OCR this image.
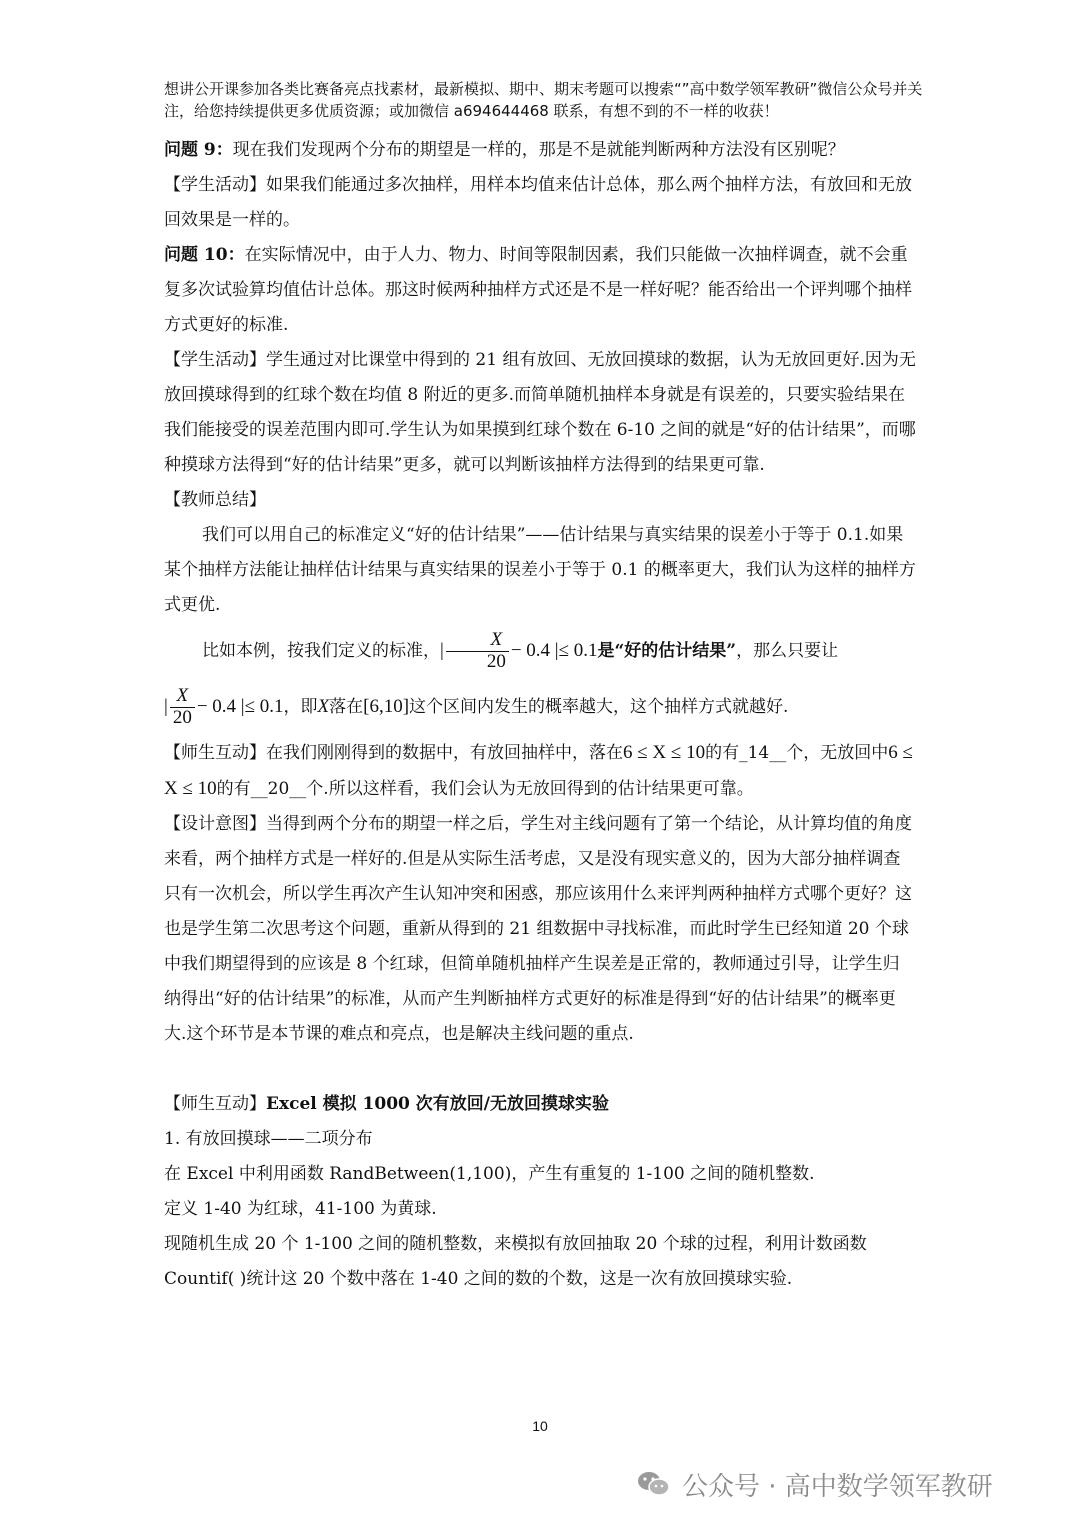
想讲公开课参加各类比赛备亮点找素材，最新模拟、期中、期末考题可以搜索“”高中数学领军教研”微信公众号并关注，给您持续提供更多优质资源；或加微信 a694644468 联系，有想不到的不一样的收获！

问题 9：现在我们发现两个分布的期望是一样的，那是不是就能判断两种方法没有区别呢？

【学生活动】如果我们能通过多次抽样，用样本均值来估计总体，那么两个抽样方法，有放回和无放回效果是一样的。

问题 10：在实际情况中，由于人力、物力、时间等限制因素，我们只能做一次抽样调查，就不会重复多次试验算均值估计总体。那这时候两种抽样方式还是不是一样好呢？能否给出一个评判哪个抽样方式更好的标准.

【学生活动】学生通过对比课堂中得到的 21 组有放回、无放回摸球的数据，认为无放回更好.因为无放回摸球得到的红球个数在均值 8 附近的更多.而简单随机抽样本身就是有误差的，只要实验结果在我们能接受的误差范围内即可.学生认为如果摸到红球个数在 6-10 之间的就是“好的估计结果”，而哪种摸球方法得到“好的估计结果”更多，就可以判断该抽样方法得到的结果更可靠.

【教师总结】

我们可以用自己的标准定义“好的估计结果”——估计结果与真实结果的误差小于等于 0.1.如果某个抽样方法能让抽样估计结果与真实结果的误差小于等于 0.1 的概率更大，我们认为这样的抽样方式更优.

比如本例，按我们定义的标准，| $\frac{X}{20} - 0.4$ |≤ 0.1是“好的估计结果”，那么只要让

| $\frac{X}{20} - 0.4$ |≤ 0.1，即X落在[6,10]这个区间内发生的概率越大，这个抽样方式就越好.

【师生互动】在我们刚刚得到的数据中，有放回抽样中，落在6 ≤ X ≤ 10的有_14__个，无放回中6 ≤ X ≤ 10的有__20__个.所以这样看，我们会认为无放回得到的估计结果更可靠。

【设计意图】当得到两个分布的期望一样之后，学生对主线问题有了第一个结论，从计算均值的角度来看，两个抽样方式是一样好的.但是从实际生活考虑，又是没有现实意义的，因为大部分抽样调查只有一次机会，所以学生再次产生认知冲突和困惑，那应该用什么来评判两种抽样方式哪个更好？这也是学生第二次思考这个问题，重新从得到的 21 组数据中寻找标准，而此时学生已经知道 20 个球中我们期望得到的应该是 8 个红球，但简单随机抽样产生误差是正常的，教师通过引导，让学生归纳得出“好的估计结果”的标准，从而产生判断抽样方式更好的标准是得到“好的估计结果”的概率更大.这个环节是本节课的难点和亮点，也是解决主线问题的重点.

【师生互动】Excel 模拟 1000 次有放回/无放回摸球实验

1. 有放回摸球——二项分布

在 Excel 中利用函数 RandBetween(1,100)，产生有重复的 1-100 之间的随机整数.

定义 1-40 为红球，41-100 为黄球.

现随机生成 20 个 1-100 之间的随机整数，来模拟有放回抽取 20 个球的过程，利用计数函数 Countif( )统计这 20 个数中落在 1-40 之间的数的个数，这是一次有放回摸球实验.

10
公众号 · 高中数学领军教研
